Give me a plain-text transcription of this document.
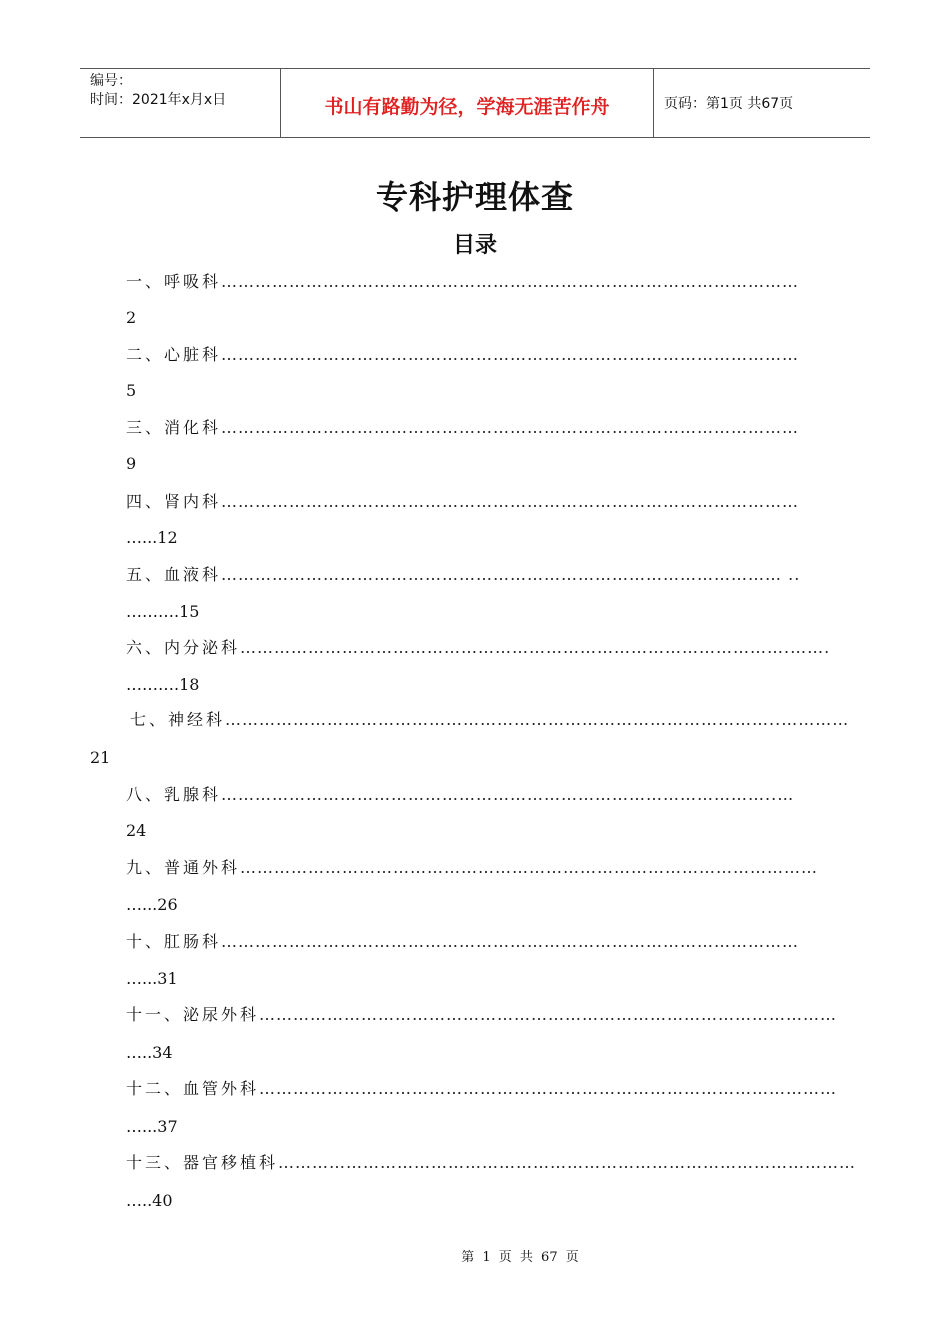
编号：
时间：2021年x月x日	书山有路勤为径，学海无涯苦作舟	页码：第1页 共67页
专科护理体查
目录
一、呼吸科 …………………………………………………………………………………………
2
二、心脏科 …………………………………………………………………………………………
5
三、消化科 …………………………………………………………………………………………
9
四、肾内科 …………………………………………………………………………………………
…...12
五、血液科 ……………………………………………………………………………………… ..
……….15
六、内分泌科 …………………………………………………………………………………….…….
……….18
七、神经科 ……………………………………………………………………………………..…………
21
八、乳腺科 ……………………………………………………………………………………..…
24
九、普通外科 …………………………………………………………………………………………
…...26
十、肛肠科 …………………………………………………………………………………………
…...31
十一、泌尿外科 …………………………………………………………………………………………
…..34
十二、血管外科 …………………………………………………………………………………………
…...37
十三、器官移植科 …………………………………………………………………………………………
…..40
第 1 页 共 67 页
